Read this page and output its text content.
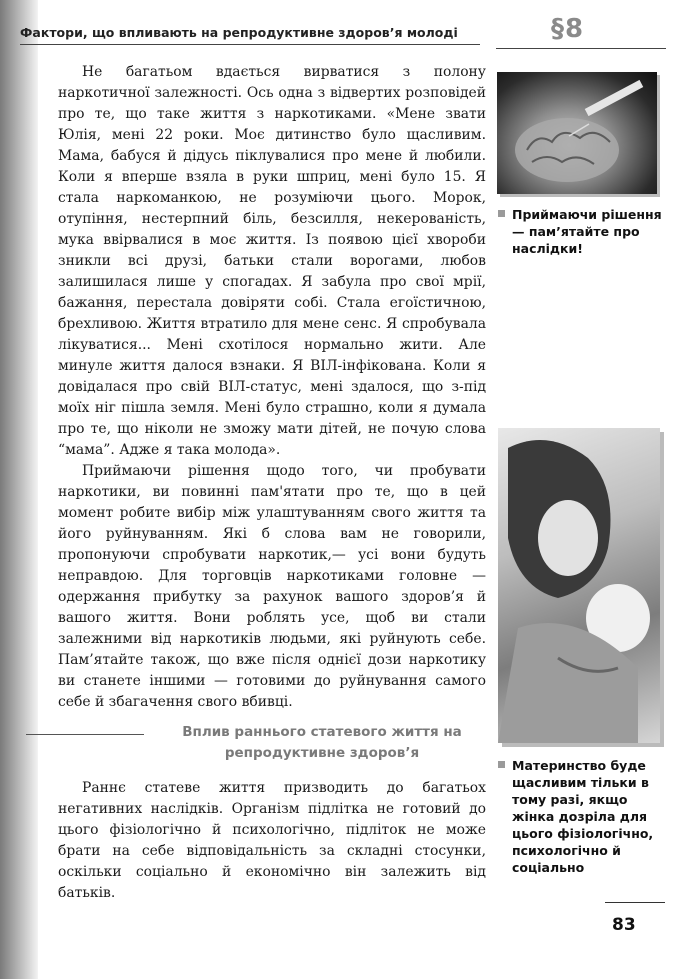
Фактори, що впливають на репродуктивне здоров’я молоді	§8

Не багатьом вдається вирватися з полону наркотичної залежності. Ось одна з відвертих розповідей про те, що таке життя з наркотиками. «Мене звати Юлія, мені 22 роки. Моє дитинство було щасливим. Мама, бабуся й дідусь піклувалися про мене й любили. Коли я вперше взяла в руки шприц, мені було 15. Я стала наркоманкою, не розуміючи цього. Морок, отупіння, нестерпний біль, безсилля, некерованість, мука ввірвалися в моє життя. Із появою цієї хвороби зникли всі друзі, батьки стали ворогами, любов залишилася лише у спогадах. Я забула про свої мрії, бажання, перестала довіряти собі. Стала егоїстичною, брехливою. Життя втратило для мене сенс. Я спробувала лікуватися... Мені схотілося нормально жити. Але минуле життя далося взнаки. Я ВІЛ-інфікована. Коли я довідалася про свій ВІЛ-статус, мені здалося, що з-під моїх ніг пішла земля. Мені було страшно, коли я думала про те, що ніколи не зможу мати дітей, не почую слова “мама”. Адже я така молода».

Приймаючи рішення щодо того, чи пробувати наркотики, ви повинні пам'ятати про те, що в цей момент робите вибір між улаштуванням свого життя та його руйнуванням. Які б слова вам не говорили, пропонуючи спробувати наркотик,— усі вони будуть неправдою. Для торговців наркотиками головне — одержання прибутку за рахунок вашого здоров’я й вашого життя. Вони роблять усе, щоб ви стали залежними від наркотиків людьми, які руйнують себе. Пам’ятайте також, що вже після однієї дози наркотику ви станете іншими — готовими до руйнування самого себе й збагачення свого вбивці.

Вплив раннього статевого життя на репродуктивне здоров’я

Раннє статеве життя призводить до багатьох негативних наслідків. Організм підлітка не готовий до цього фізіологічно й психологічно, підліток не може брати на себе відповідальність за складні стосунки, оскільки соціально й економічно він залежить від батьків.

Приймаючи рішення — пам’ятайте про наслідки!
Материнство буде щасливим тільки в тому разі, якщо жінка дозріла для цього фізіологічно, психологічно й соціально
83
